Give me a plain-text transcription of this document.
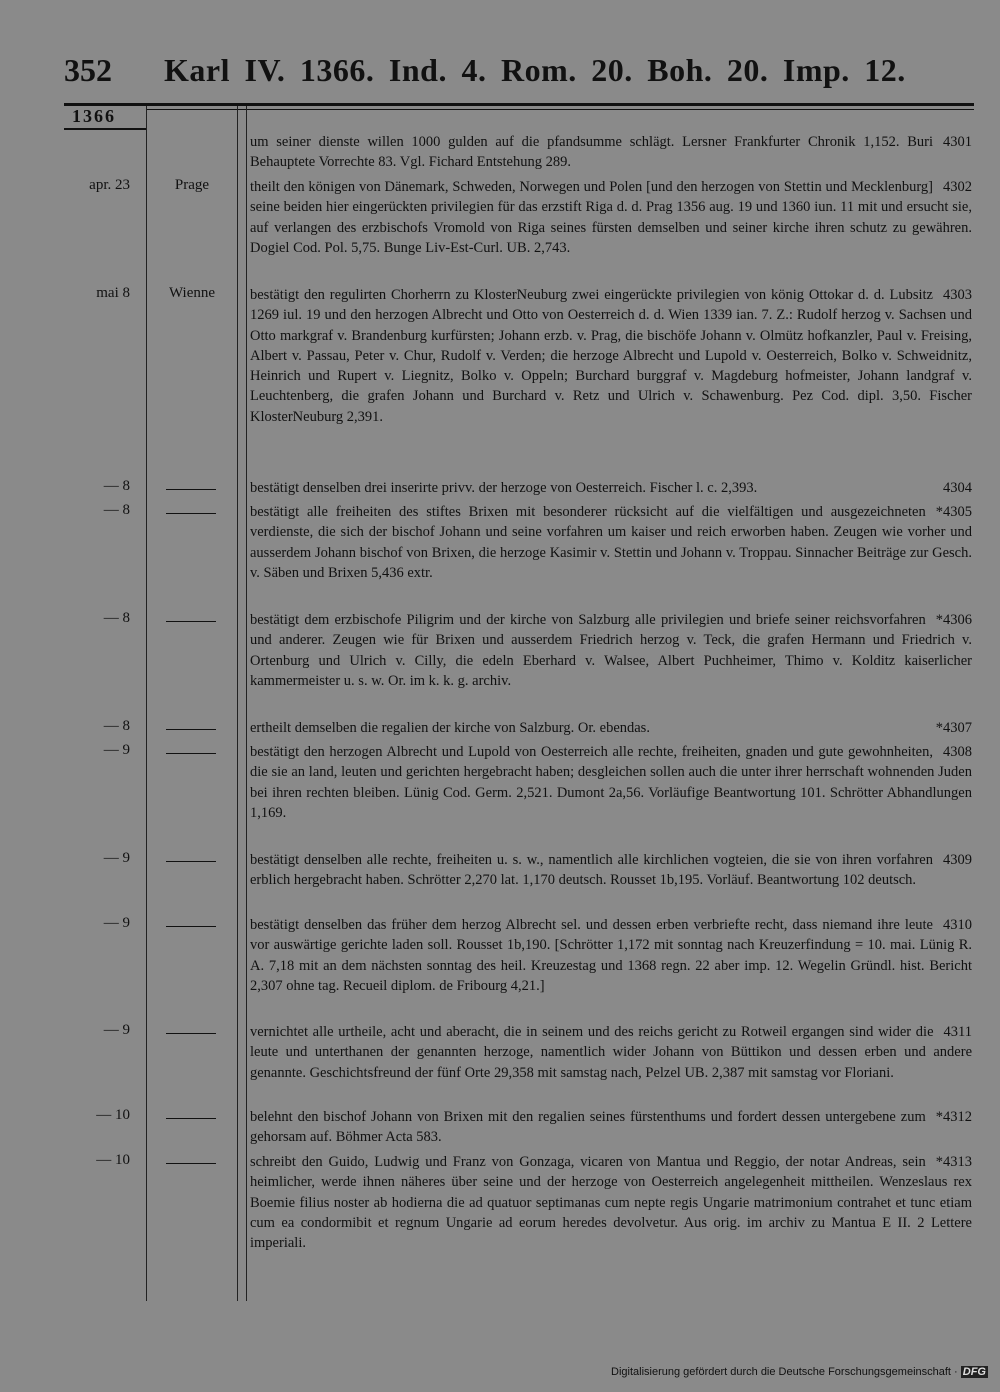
352 Karl IV. 1366. Ind. 4. Rom. 20. Boh. 20. Imp. 12.
1366
4301
um seiner dienste willen 1000 gulden auf die pfandsumme schlägt. Lersner Frankfurter Chronik 1,152. Buri Behauptete Vorrechte 83. Vgl. Fichard Entstehung 289.
apr. 23	Prage	4302
theilt den königen von Dänemark, Schweden, Norwegen und Polen [und den herzogen von Stettin und Mecklenburg] seine beiden hier eingerückten privilegien für das erzstift Riga d. d. Prag 1356 aug. 19 und 1360 iun. 11 mit und ersucht sie, auf verlangen des erzbischofs Vromold von Riga seines fürsten demselben und seiner kirche ihren schutz zu gewähren. Dogiel Cod. Pol. 5,75. Bunge Liv-Est-Curl. UB. 2,743.
mai 8	Wienne	4303
bestätigt den regulirten Chorherrn zu KlosterNeuburg zwei eingerückte privilegien von könig Ottokar d. d. Lubsitz 1269 iul. 19 und den herzogen Albrecht und Otto von Oesterreich d. d. Wien 1339 ian. 7. Z.: Rudolf herzog v. Sachsen und Otto markgraf v. Brandenburg kurfürsten; Johann erzb. v. Prag, die bischöfe Johann v. Olmütz hofkanzler, Paul v. Freising, Albert v. Passau, Peter v. Chur, Rudolf v. Verden; die herzoge Albrecht und Lupold v. Oesterreich, Bolko v. Schweidnitz, Heinrich und Rupert v. Liegnitz, Bolko v. Oppeln; Burchard burggraf v. Magdeburg hofmeister, Johann landgraf v. Leuchtenberg, die grafen Johann und Burchard v. Retz und Ulrich v. Schawenburg. Pez Cod. dipl. 3,50. Fischer KlosterNeuburg 2,391.
— 8	4304
bestätigt denselben drei inserirte privv. der herzoge von Oesterreich. Fischer l. c. 2,393.
— 8	*4305
bestätigt alle freiheiten des stiftes Brixen mit besonderer rücksicht auf die vielfältigen und ausgezeichneten verdienste, die sich der bischof Johann und seine vorfahren um kaiser und reich erworben haben. Zeugen wie vorher und ausserdem Johann bischof von Brixen, die herzoge Kasimir v. Stettin und Johann v. Troppau. Sinnacher Beiträge zur Gesch. v. Säben und Brixen 5,436 extr.
— 8	*4306
bestätigt dem erzbischofe Piligrim und der kirche von Salzburg alle privilegien und briefe seiner reichsvorfahren und anderer. Zeugen wie für Brixen und ausserdem Friedrich herzog v. Teck, die grafen Hermann und Friedrich v. Ortenburg und Ulrich v. Cilly, die edeln Eberhard v. Walsee, Albert Puchheimer, Thimo v. Kolditz kaiserlicher kammermeister u. s. w. Or. im k. k. g. archiv.
— 8	*4307
ertheilt demselben die regalien der kirche von Salzburg. Or. ebendas.
— 9	4308
bestätigt den herzogen Albrecht und Lupold von Oesterreich alle rechte, freiheiten, gnaden und gute gewohnheiten, die sie an land, leuten und gerichten hergebracht haben; desgleichen sollen auch die unter ihrer herrschaft wohnenden Juden bei ihren rechten bleiben. Lünig Cod. Germ. 2,521. Dumont 2a,56. Vorläufige Beantwortung 101. Schrötter Abhandlungen 1,169.
— 9	4309
bestätigt denselben alle rechte, freiheiten u. s. w., namentlich alle kirchlichen vogteien, die sie von ihren vorfahren erblich hergebracht haben. Schrötter 2,270 lat. 1,170 deutsch. Rousset 1b,195. Vorläuf. Beantwortung 102 deutsch.
— 9	4310
bestätigt denselben das früher dem herzog Albrecht sel. und dessen erben verbriefte recht, dass niemand ihre leute vor auswärtige gerichte laden soll. Rousset 1b,190. [Schrötter 1,172 mit sonntag nach Kreuzerfindung = 10. mai. Lünig R. A. 7,18 mit an dem nächsten sonntag des heil. Kreuzestag und 1368 regn. 22 aber imp. 12. Wegelin Gründl. hist. Bericht 2,307 ohne tag. Recueil diplom. de Fribourg 4,21.]
— 9	4311
vernichtet alle urtheile, acht und aberacht, die in seinem und des reichs gericht zu Rotweil ergangen sind wider die leute und unterthanen der genannten herzoge, namentlich wider Johann von Büttikon und dessen erben und andere genannte. Geschichtsfreund der fünf Orte 29,358 mit samstag nach, Pelzel UB. 2,387 mit samstag vor Floriani.
— 10	*4312
belehnt den bischof Johann von Brixen mit den regalien seines fürstenthums und fordert dessen untergebene zum gehorsam auf. Böhmer Acta 583.
— 10	*4313
schreibt den Guido, Ludwig und Franz von Gonzaga, vicaren von Mantua und Reggio, der notar Andreas, sein heimlicher, werde ihnen näheres über seine und der herzoge von Oesterreich angelegenheit mittheilen. Wenzeslaus rex Boemie filius noster ab hodierna die ad quatuor septimanas cum nepte regis Ungarie matrimonium contrahet et tunc etiam cum ea condormibit et regnum Ungarie ad eorum heredes devolvetur. Aus orig. im archiv zu Mantua E II. 2 Lettere imperiali.
Digitalisierung gefördert durch die Deutsche Forschungsgemeinschaft · DFG
